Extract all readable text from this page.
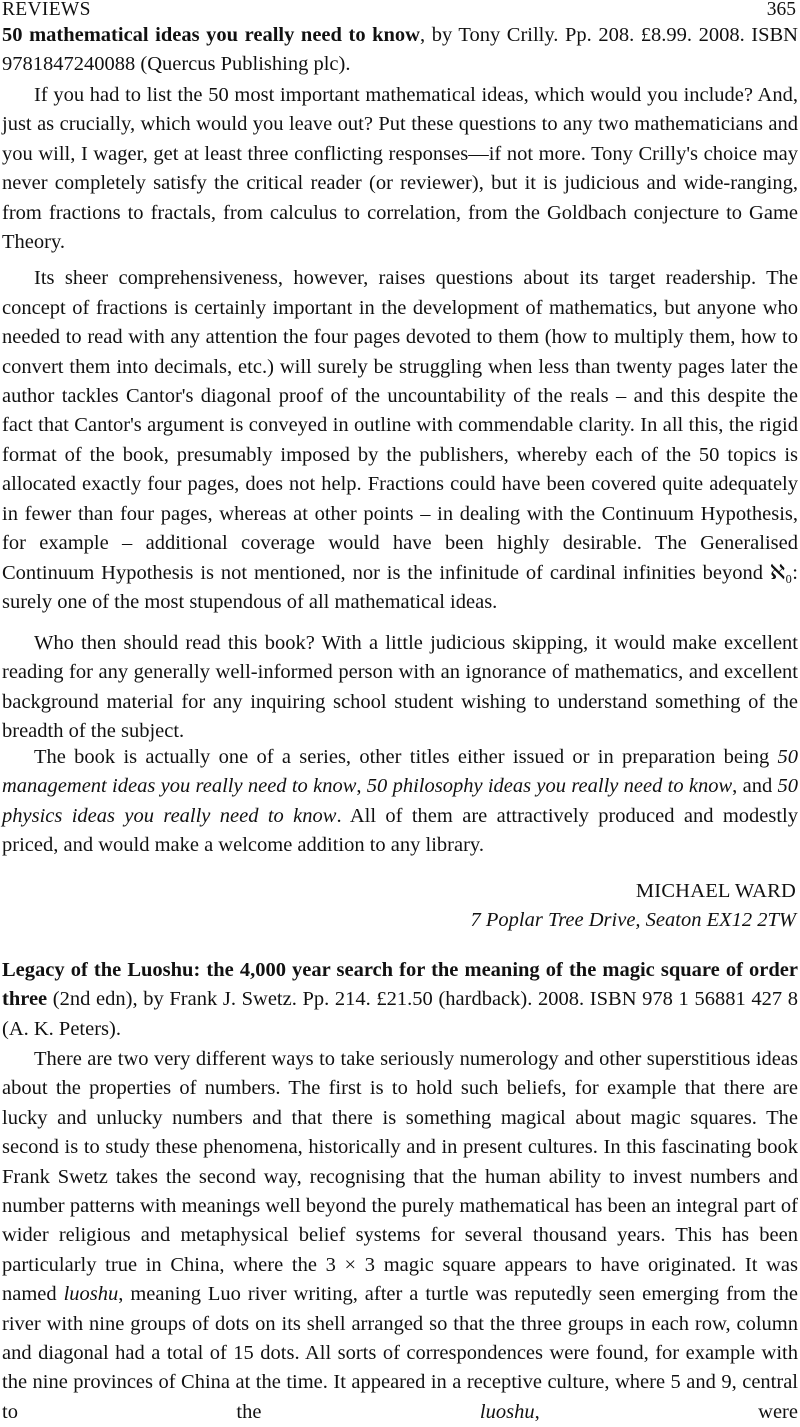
REVIEWS	365

50 mathematical ideas you really need to know, by Tony Crilly. Pp. 208. £8.99. 2008. ISBN 9781847240088 (Quercus Publishing plc).

If you had to list the 50 most important mathematical ideas, which would you include? And, just as crucially, which would you leave out? Put these questions to any two mathematicians and you will, I wager, get at least three conflicting responses—if not more. Tony Crilly's choice may never completely satisfy the critical reader (or reviewer), but it is judicious and wide-ranging, from fractions to fractals, from calculus to correlation, from the Goldbach conjecture to Game Theory.

Its sheer comprehensiveness, however, raises questions about its target readership. The concept of fractions is certainly important in the development of mathematics, but anyone who needed to read with any attention the four pages devoted to them (how to multiply them, how to convert them into decimals, etc.) will surely be struggling when less than twenty pages later the author tackles Cantor's diagonal proof of the uncountability of the reals – and this despite the fact that Cantor's argument is conveyed in outline with commendable clarity. In all this, the rigid format of the book, presumably imposed by the publishers, whereby each of the 50 topics is allocated exactly four pages, does not help. Fractions could have been covered quite adequately in fewer than four pages, whereas at other points – in dealing with the Continuum Hypothesis, for example – additional coverage would have been highly desirable. The Generalised Continuum Hypothesis is not mentioned, nor is the infinitude of cardinal infinities beyond ℵ₀: surely one of the most stupendous of all mathematical ideas.

Who then should read this book? With a little judicious skipping, it would make excellent reading for any generally well-informed person with an ignorance of mathematics, and excellent background material for any inquiring school student wishing to understand something of the breadth of the subject.

The book is actually one of a series, other titles either issued or in preparation being 50 management ideas you really need to know, 50 philosophy ideas you really need to know, and 50 physics ideas you really need to know. All of them are attractively produced and modestly priced, and would make a welcome addition to any library.

MICHAEL WARD

7 Poplar Tree Drive, Seaton EX12 2TW

Legacy of the Luoshu: the 4,000 year search for the meaning of the magic square of order three (2nd edn), by Frank J. Swetz. Pp. 214. £21.50 (hardback). 2008. ISBN 978 1 56881 427 8 (A. K. Peters).

There are two very different ways to take seriously numerology and other superstitious ideas about the properties of numbers. The first is to hold such beliefs, for example that there are lucky and unlucky numbers and that there is something magical about magic squares. The second is to study these phenomena, historically and in present cultures. In this fascinating book Frank Swetz takes the second way, recognising that the human ability to invest numbers and number patterns with meanings well beyond the purely mathematical has been an integral part of wider religious and metaphysical belief systems for several thousand years. This has been particularly true in China, where the 3 × 3 magic square appears to have originated. It was named luoshu, meaning Luo river writing, after a turtle was reputedly seen emerging from the river with nine groups of dots on its shell arranged so that the three groups in each row, column and diagonal had a total of 15 dots. All sorts of correspondences were found, for example with the nine provinces of China at the time. It appeared in a receptive culture, where 5 and 9, central to the luoshu, were
